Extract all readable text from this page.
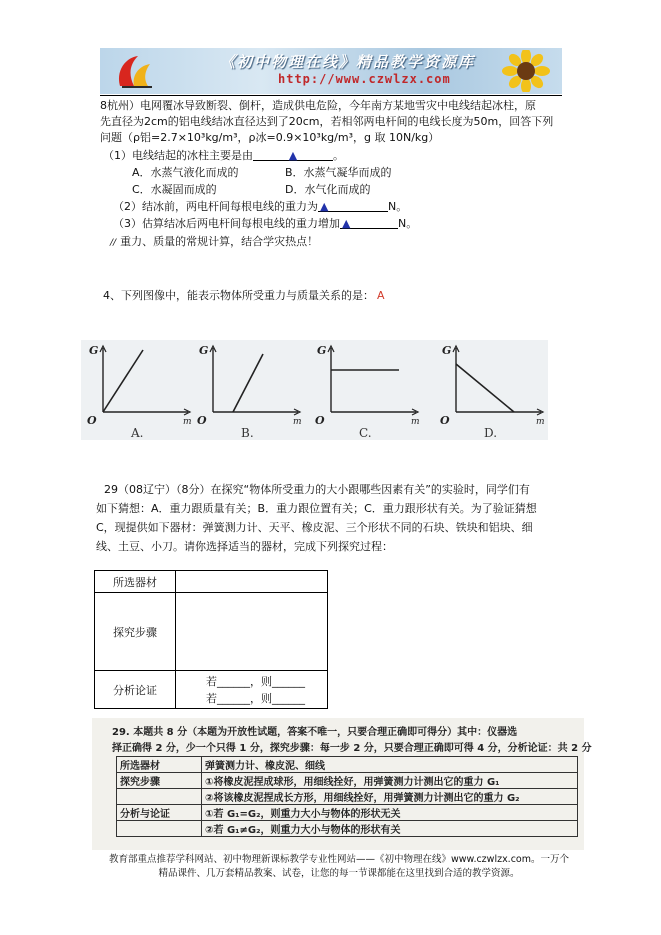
《初中物理在线》精品教学资源库
http://www.czwlzx.com
8杭州）电网覆冰导致断裂、倒杆，造成供电危险，今年南方某地雪灾中电线结起冰柱，原
先直径为2cm的铝电线结冰直径达到了20cm，若相邻两电杆间的电线长度为50m，回答下列
问题（ρ铝=2.7×10³kg/m³，ρ冰=0.9×10³kg/m³，g 取 10N/kg）
（1）电线结起的冰柱主要是由	▲	。
A．水蒸气液化而成的	B．水蒸气凝华而成的
C．水凝固而成的	D．水气化而成的
（2）结冰前，两电杆间每根电线的重力为 ▲	N。
（3）估算结冰后两电杆间每根电线的重力增加 ▲	N。
// 重力、质量的常规计算，结合学灾热点！
4、下列图像中，能表示物体所受重力与质量关系的是： A
G
m
O
A.
G
m
O
B.
G
m
O
C.
G
m
O
D.
29（08辽宁）（8分）在探究“物体所受重力的大小跟哪些因素有关”的实验时，同学们有
如下猜想：A．重力跟质量有关；B．重力跟位置有关；C．重力跟形状有关。为了验证猜想
C，现提供如下器材：弹簧测力计、天平、橡皮泥、三个形状不同的石块、铁块和铝块、细
线、土豆、小刀。请你选择适当的器材，完成下列探究过程：
所选器材	
探究步骤	
分析论证	若______，则______
若______，则______
29. 本题共 8 分（本题为开放性试题，答案不唯一，只要合理正确即可得分）其中：仪器选
择正确得 2 分，少一个只得 1 分，探究步骤：每一步 2 分，只要合理正确即可得 4 分，分析论证：共 2 分
所选器材	弹簧测力计、橡皮泥、细线
探究步骤	①将橡皮泥捏成球形，用细线拴好，用弹簧测力计测出它的重力 G₁
	②将该橡皮泥捏成长方形，用细线拴好，用弹簧测力计测出它的重力 G₂
分析与论证	①若 G₁=G₂，则重力大小与物体的形状无关
	②若 G₁≠G₂，则重力大小与物体的形状有关
教育部重点推荐学科网站、初中物理新课标教学专业性网站——《初中物理在线》www.czwlzx.com。一万个
精品课件、几万套精品教案、试卷，让您的每一节课都能在这里找到合适的教学资源。
